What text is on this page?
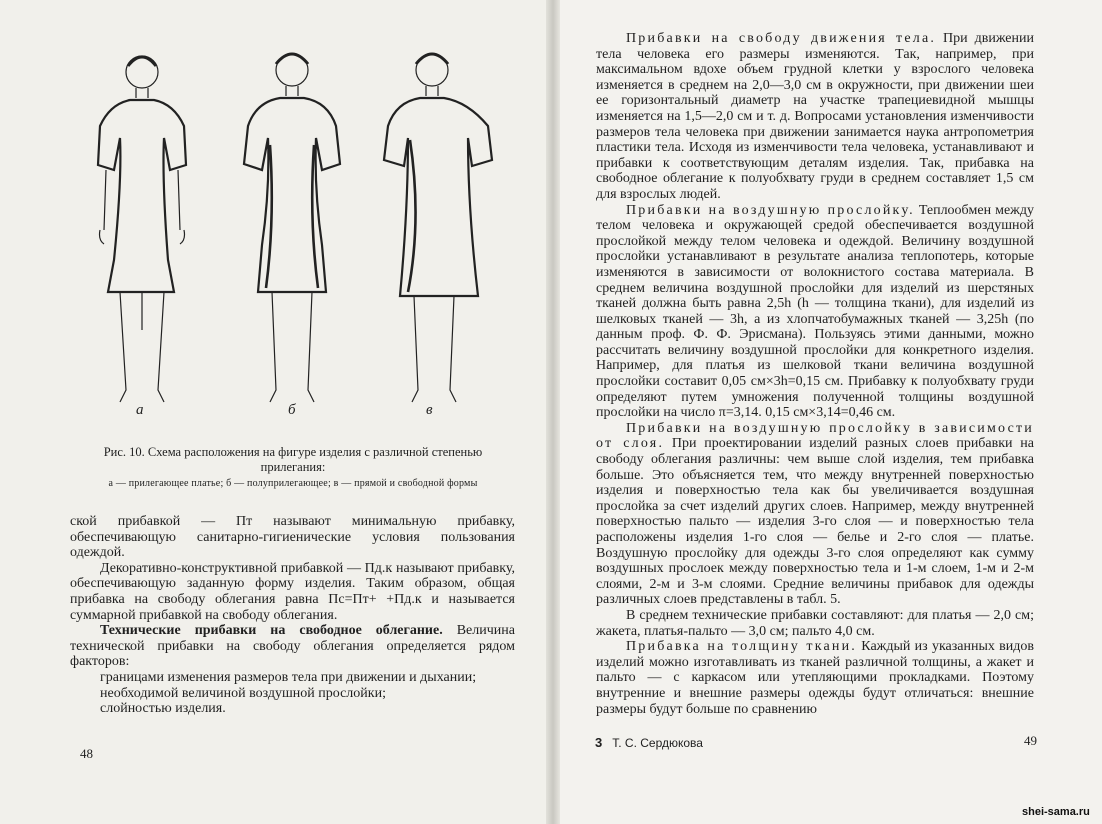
а	б	в
Рис. 10. Схема расположения на фигуре изделия с различной степенью прилегания:
а — прилегающее платье; б — полуприлегающее; в — прямой и свободной формы

ской прибавкой — Пт называют минимальную прибавку, обеспечивающую санитарно-гигиенические условия пользования одеждой.

Декоративно-конструктивной прибавкой — Пд.к называют прибавку, обеспечивающую заданную форму изделия. Таким образом, общая прибавка на свободу облегания равна Пс=Пт+ +Пд.к и называется суммарной прибавкой на свободу облегания.

Технические прибавки на свободное облегание. Величина технической прибавки на свободу облегания определяется рядом факторов:

границами изменения размеров тела при движении и дыхании;

необходимой величиной воздушной прослойки;

слойностью изделия.

48

Прибавки на свободу движения тела. При движении тела человека его размеры изменяются. Так, например, при максимальном вдохе объем грудной клетки у взрослого человека изменяется в среднем на 2,0—3,0 см в окружности, при движении шеи ее горизонтальный диаметр на участке трапециевидной мышцы изменяется на 1,5—2,0 см и т. д. Вопросами установления изменчивости размеров тела человека при движении занимается наука антропометрия пластики тела. Исходя из изменчивости тела человека, устанавливают и прибавки к соответствующим деталям изделия. Так, прибавка на свободное облегание к полуобхвату груди в среднем составляет 1,5 см для взрослых людей.

Прибавки на воздушную прослойку. Теплообмен между телом человека и окружающей средой обеспечивается воздушной прослойкой между телом человека и одеждой. Величину воздушной прослойки устанавливают в результате анализа теплопотерь, которые изменяются в зависимости от волокнистого состава материала. В среднем величина воздушной прослойки для изделий из шерстяных тканей должна быть равна 2,5h (h — толщина ткани), для изделий из шелковых тканей — 3h, а из хлопчатобумажных тканей — 3,25h (по данным проф. Ф. Ф. Эрисмана). Пользуясь этими данными, можно рассчитать величину воздушной прослойки для конкретного изделия. Например, для платья из шелковой ткани величина воздушной прослойки составит 0,05 см×3h=0,15 см. Прибавку к полуобхвату груди определяют путем умножения полученной толщины воздушной прослойки на число π=3,14. 0,15 см×3,14=0,46 см.

Прибавки на воздушную прослойку в зависимости от слоя. При проектировании изделий разных слоев прибавки на свободу облегания различны: чем выше слой изделия, тем прибавка больше. Это объясняется тем, что между внутренней поверхностью изделия и поверхностью тела как бы увеличивается воздушная прослойка за счет изделий других слоев. Например, между внутренней поверхностью пальто — изделия 3-го слоя — и поверхностью тела расположены изделия 1-го слоя — белье и 2-го слоя — платье. Воздушную прослойку для одежды 3-го слоя определяют как сумму воздушных прослоек между поверхностью тела и 1-м слоем, 1-м и 2-м слоями, 2-м и 3-м слоями. Средние величины прибавок для одежды различных слоев представлены в табл. 5.

В среднем технические прибавки составляют: для платья — 2,0 см; жакета, платья-пальто — 3,0 см; пальто 4,0 см.

Прибавка на толщину ткани. Каждый из указанных видов изделий можно изготавливать из тканей различной толщины, а жакет и пальто — с каркасом или утепляющими прокладками. Поэтому внутренние и внешние размеры одежды будут отличаться: внешние размеры будут больше по сравнению

3 Т. С. Сердюкова	49
shei-sama.ru
